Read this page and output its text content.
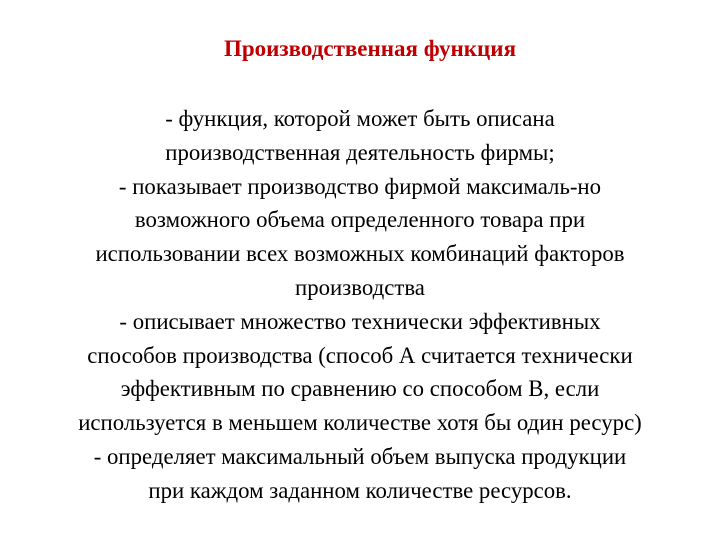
Производственная функция
- функция, которой может быть описана
производственная деятельность фирмы;
- показывает производство фирмой максималь-но
возможного объема определенного товара при
использовании всех возможных комбинаций факторов
производства
- описывает множество технически эффективных
способов производства (способ А считается технически
эффективным по сравнению со способом В, если
используется в меньшем количестве хотя бы один ресурс)
- определяет максимальный объем выпуска продукции
при каждом заданном количестве ресурсов.
